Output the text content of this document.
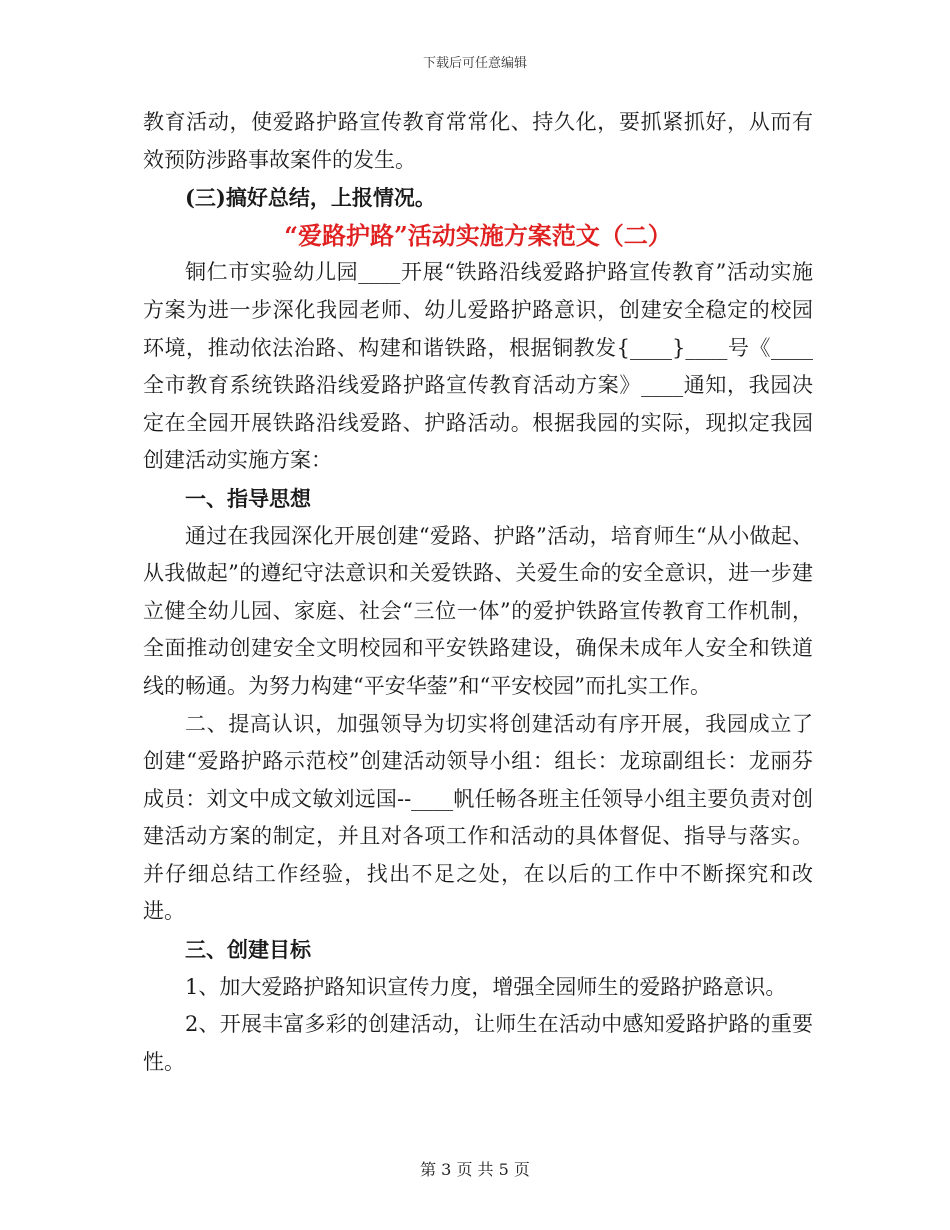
下载后可任意编辑

教育活动，使爱路护路宣传教育常常化、持久化，要抓紧抓好，从而有效预防涉路事故案件的发生。

(三)搞好总结，上报情况。

“爱路护路”活动实施方案范文（二）

铜仁市实验幼儿园____开展“铁路沿线爱路护路宣传教育”活动实施方案为进一步深化我园老师、幼儿爱路护路意识，创建安全稳定的校园环境，推动依法治路、构建和谐铁路，根据铜教发{____}____号《____全市教育系统铁路沿线爱路护路宣传教育活动方案》____通知，我园决定在全园开展铁路沿线爱路、护路活动。根据我园的实际，现拟定我园创建活动实施方案：

一、指导思想

通过在我园深化开展创建“爱路、护路”活动，培育师生“从小做起、从我做起”的遵纪守法意识和关爱铁路、关爱生命的安全意识，进一步建立健全幼儿园、家庭、社会“三位一体”的爱护铁路宣传教育工作机制，全面推动创建安全文明校园和平安铁路建设，确保未成年人安全和铁道线的畅通。为努力构建“平安华蓥”和“平安校园”而扎实工作。

二、提高认识，加强领导为切实将创建活动有序开展，我园成立了创建“爱路护路示范校”创建活动领导小组：组长：龙琼副组长：龙丽芬成员：刘文中成文敏刘远国--____帆任畅各班主任领导小组主要负责对创建活动方案的制定，并且对各项工作和活动的具体督促、指导与落实。并仔细总结工作经验，找出不足之处，在以后的工作中不断探究和改进。

三、创建目标

1、加大爱路护路知识宣传力度，增强全园师生的爱路护路意识。

2、开展丰富多彩的创建活动，让师生在活动中感知爱路护路的重要性。

第 3 页 共 5 页
